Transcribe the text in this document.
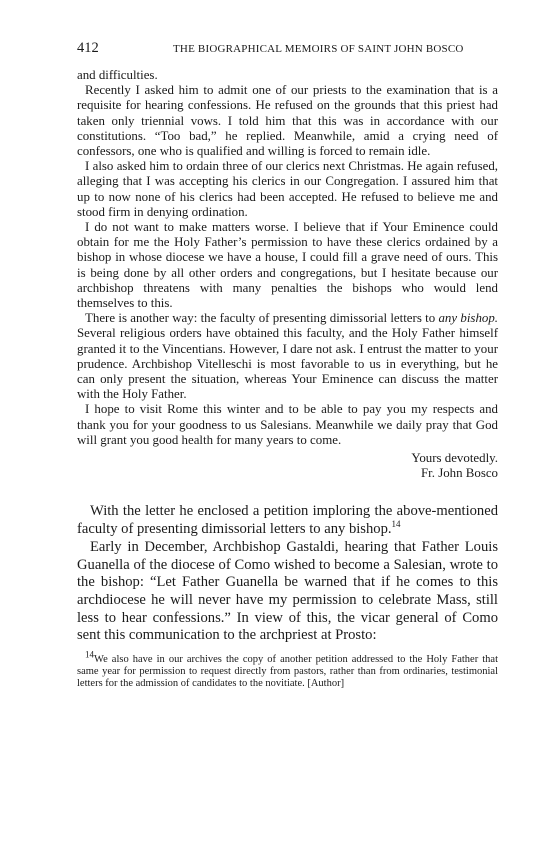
412	THE BIOGRAPHICAL MEMOIRS OF SAINT JOHN BOSCO

and difficulties.

Recently I asked him to admit one of our priests to the examination that is a requisite for hearing confessions. He refused on the grounds that this priest had taken only triennial vows. I told him that this was in accordance with our constitutions. “Too bad,” he replied. Meanwhile, amid a crying need of confessors, one who is qualified and willing is forced to remain idle.

I also asked him to ordain three of our clerics next Christmas. He again refused, alleging that I was accepting his clerics in our Congregation. I assured him that up to now none of his clerics had been accepted. He refused to believe me and stood firm in denying ordination.

I do not want to make matters worse. I believe that if Your Eminence could obtain for me the Holy Father’s permission to have these clerics ordained by a bishop in whose diocese we have a house, I could fill a grave need of ours. This is being done by all other orders and congregations, but I hesitate because our archbishop threatens with many penalties the bishops who would lend themselves to this.

There is another way: the faculty of presenting dimissorial letters to any bishop. Several religious orders have obtained this faculty, and the Holy Father himself granted it to the Vincentians. However, I dare not ask. I entrust the matter to your prudence. Archbishop Vitelleschi is most favorable to us in everything, but he can only present the situation, whereas Your Eminence can discuss the matter with the Holy Father.

I hope to visit Rome this winter and to be able to pay you my respects and thank you for your goodness to us Salesians. Meanwhile we daily pray that God will grant you good health for many years to come.

Yours devotedly.
Fr. John Bosco

With the letter he enclosed a petition imploring the above-mentioned faculty of presenting dimissorial letters to any bishop.$^{14}$

Early in December, Archbishop Gastaldi, hearing that Father Louis Guanella of the diocese of Como wished to become a Salesian, wrote to the bishop: “Let Father Guanella be warned that if he comes to this archdiocese he will never have my permission to celebrate Mass, still less to hear confessions.” In view of this, the vicar general of Como sent this communication to the archpriest at Prosto:

$^{14}$We also have in our archives the copy of another petition addressed to the Holy Father that same year for permission to request directly from pastors, rather than from ordinaries, testimonial letters for the admission of candidates to the novitiate. [Author]
